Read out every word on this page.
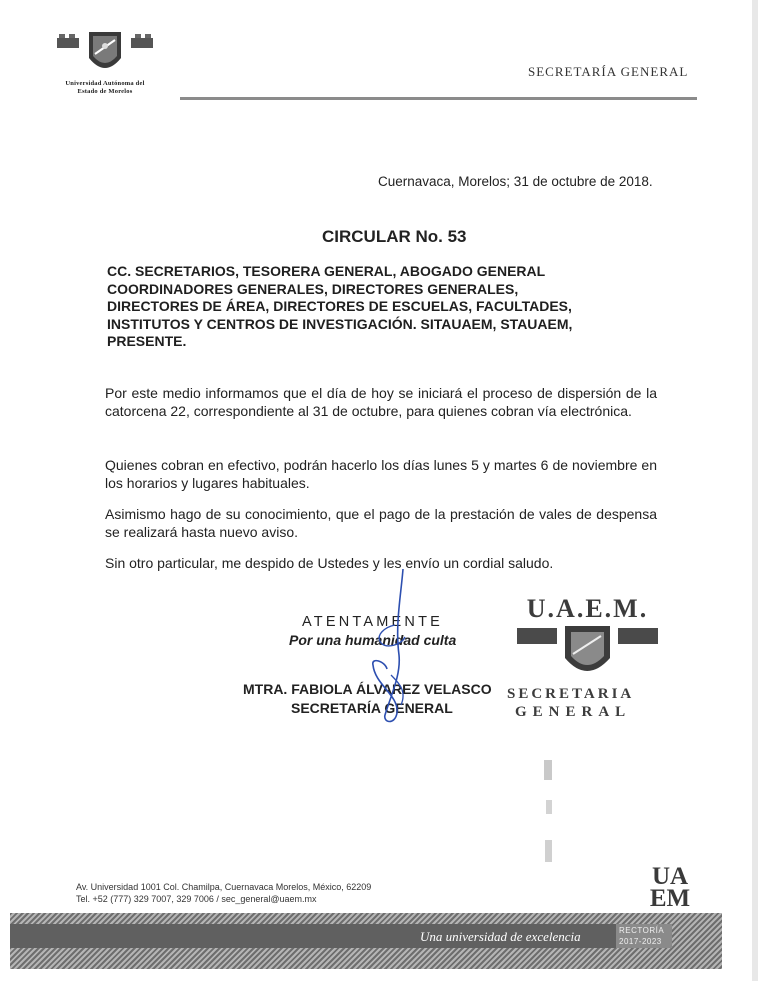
Universidad Autónoma del
Estado de Morelos
SECRETARÍA GENERAL
Cuernavaca, Morelos; 31 de octubre de 2018.
CIRCULAR No. 53
CC. SECRETARIOS, TESORERA GENERAL, ABOGADO GENERAL
COORDINADORES GENERALES, DIRECTORES GENERALES,
DIRECTORES DE ÁREA, DIRECTORES DE ESCUELAS, FACULTADES,
INSTITUTOS Y CENTROS DE INVESTIGACIÓN. SITAUAEM, STAUAEM,
PRESENTE.
Por este medio informamos que el día de hoy se iniciará el proceso de dispersión de la catorcena 22, correspondiente al 31 de octubre, para quienes cobran vía electrónica.
Quienes cobran en efectivo, podrán hacerlo los días lunes 5 y martes 6 de noviembre en los horarios y lugares habituales.
Asimismo hago de su conocimiento, que el pago de la prestación de vales de despensa se realizará hasta nuevo aviso.
Sin otro particular, me despido de Ustedes y les envío un cordial saludo.
ATENTAMENTE
Por una humanidad culta
MTRA. FABIOLA ÁLVAREZ VELASCO
SECRETARÍA GENERAL
U.A.E.M.
SECRETARIA
GENERAL
Av. Universidad 1001 Col. Chamilpa, Cuernavaca Morelos, México, 62209
Tel. +52 (777) 329 7007, 329 7006 / sec_general@uaem.mx
UA
EM
Una universidad de excelencia	RECTORÍA
2017-2023
